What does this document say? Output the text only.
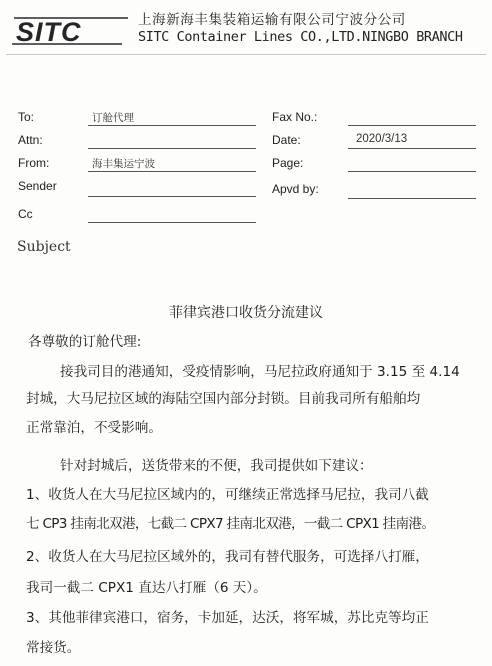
SITC	上海新海丰集装箱运输有限公司宁波分公司
SITC Container Lines CO.,LTD.NINGBO BRANCH
To:	订舱代理
Attn:
From:	海丰集运宁波
Sender
Cc
Fax No.:
Date:	2020/3/13
Page:
Apvd by:
Subject
菲律宾港口收货分流建议
各尊敬的订舱代理:
接我司目的港通知，受疫情影响，马尼拉政府通知于 3.15 至 4.14
封城，大马尼拉区域的海陆空国内部分封锁。目前我司所有船舶均
正常靠泊，不受影响。
针对封城后，送货带来的不便，我司提供如下建议：
1、收货人在大马尼拉区域内的，可继续正常选择马尼拉，我司八截
七 CP3 挂南北双港，七截二 CPX7 挂南北双港，一截二 CPX1 挂南港。
2、收货人在大马尼拉区域外的，我司有替代服务，可选择八打雁，
我司一截二 CPX1 直达八打雁（6 天）。
3、其他菲律宾港口，宿务，卡加延，达沃，将军城，苏比克等均正
常接货。
